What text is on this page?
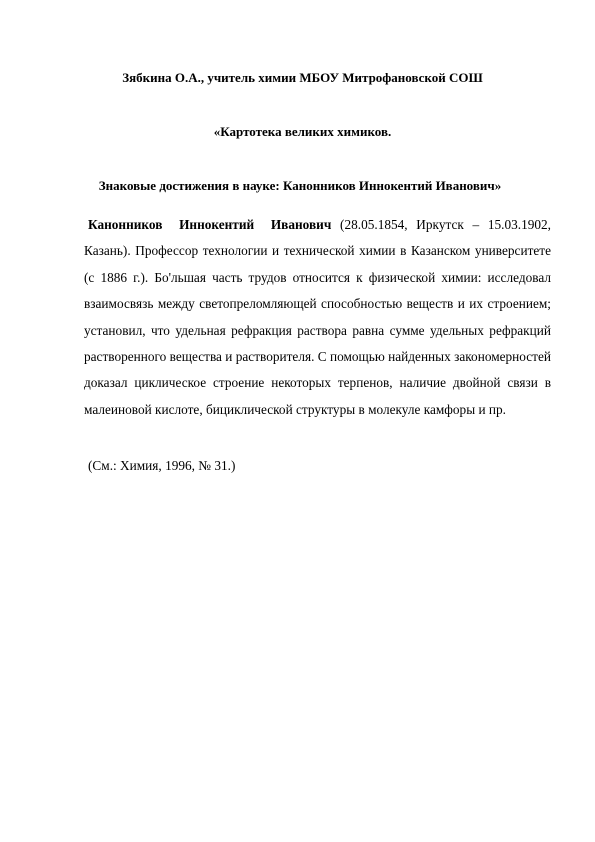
Зябкина О.А., учитель химии МБОУ Митрофановской СОШ
«Картотека великих химиков.
Знаковые достижения в науке: Канонников Иннокентий Иванович»
Канонников Иннокентий Иванович (28.05.1854, Иркутск – 15.03.1902, Казань). Профессор технологии и технической химии в Казанском университете (с 1886 г.). Бо'льшая часть трудов относится к физической химии: исследовал взаимосвязь между светопреломляющей способностью веществ и их строением; установил, что удельная рефракция раствора равна сумме удельных рефракций растворенного вещества и растворителя. С помощью найденных закономерностей доказал циклическое строение некоторых терпенов, наличие двойной связи в малеиновой кислоте, бициклической структуры в молекуле камфоры и пр.
(См.: Химия, 1996, № 31.)
